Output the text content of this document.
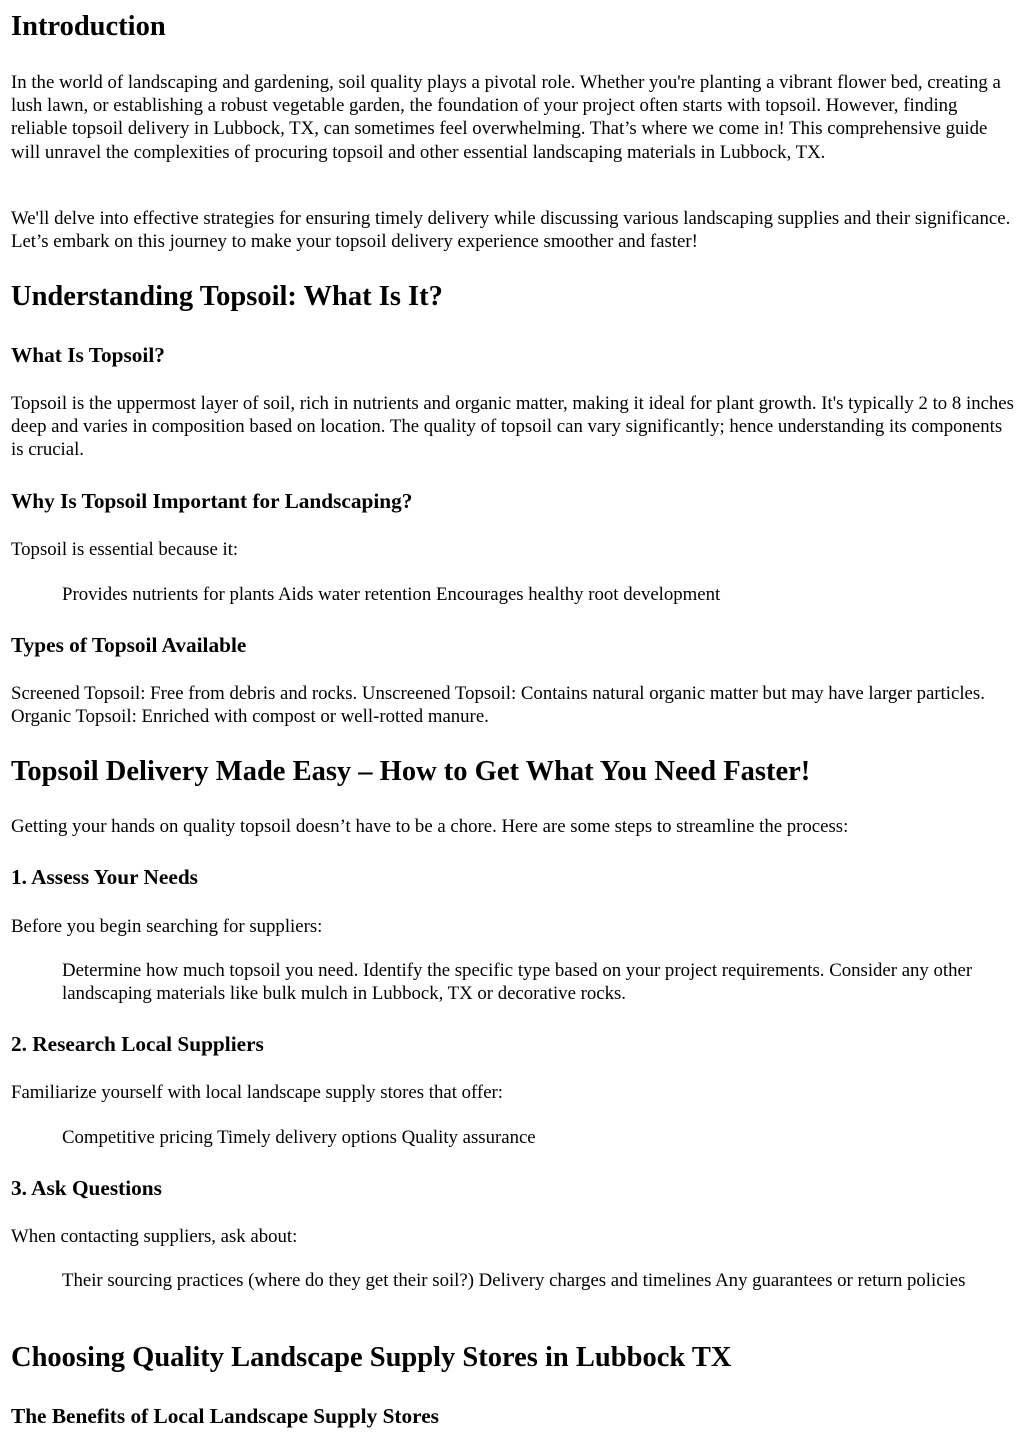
Introduction

In the world of landscaping and gardening, soil quality plays a pivotal role. Whether you're planting a vibrant flower bed, creating a lush lawn, or establishing a robust vegetable garden, the foundation of your project often starts with topsoil. However, finding reliable topsoil delivery in Lubbock, TX, can sometimes feel overwhelming. That’s where we come in! This comprehensive guide will unravel the complexities of procuring topsoil and other essential landscaping materials in Lubbock, TX.

We'll delve into effective strategies for ensuring timely delivery while discussing various landscaping supplies and their significance. Let’s embark on this journey to make your topsoil delivery experience smoother and faster!

Understanding Topsoil: What Is It?
What Is Topsoil?

Topsoil is the uppermost layer of soil, rich in nutrients and organic matter, making it ideal for plant growth. It's typically 2 to 8 inches deep and varies in composition based on location. The quality of topsoil can vary significantly; hence understanding its components is crucial.

Why Is Topsoil Important for Landscaping?

Topsoil is essential because it:

Provides nutrients for plants Aids water retention Encourages healthy root development
Types of Topsoil Available

Screened Topsoil: Free from debris and rocks. Unscreened Topsoil: Contains natural organic matter but may have larger particles. Organic Topsoil: Enriched with compost or well-rotted manure.

Topsoil Delivery Made Easy – How to Get What You Need Faster!

Getting your hands on quality topsoil doesn’t have to be a chore. Here are some steps to streamline the process:

1. Assess Your Needs

Before you begin searching for suppliers:

Determine how much topsoil you need. Identify the specific type based on your project requirements. Consider any other landscaping materials like bulk mulch in Lubbock, TX or decorative rocks.
2. Research Local Suppliers

Familiarize yourself with local landscape supply stores that offer:

Competitive pricing Timely delivery options Quality assurance
3. Ask Questions

When contacting suppliers, ask about:

Their sourcing practices (where do they get their soil?) Delivery charges and timelines Any guarantees or return policies
Choosing Quality Landscape Supply Stores in Lubbock TX
The Benefits of Local Landscape Supply Stores
